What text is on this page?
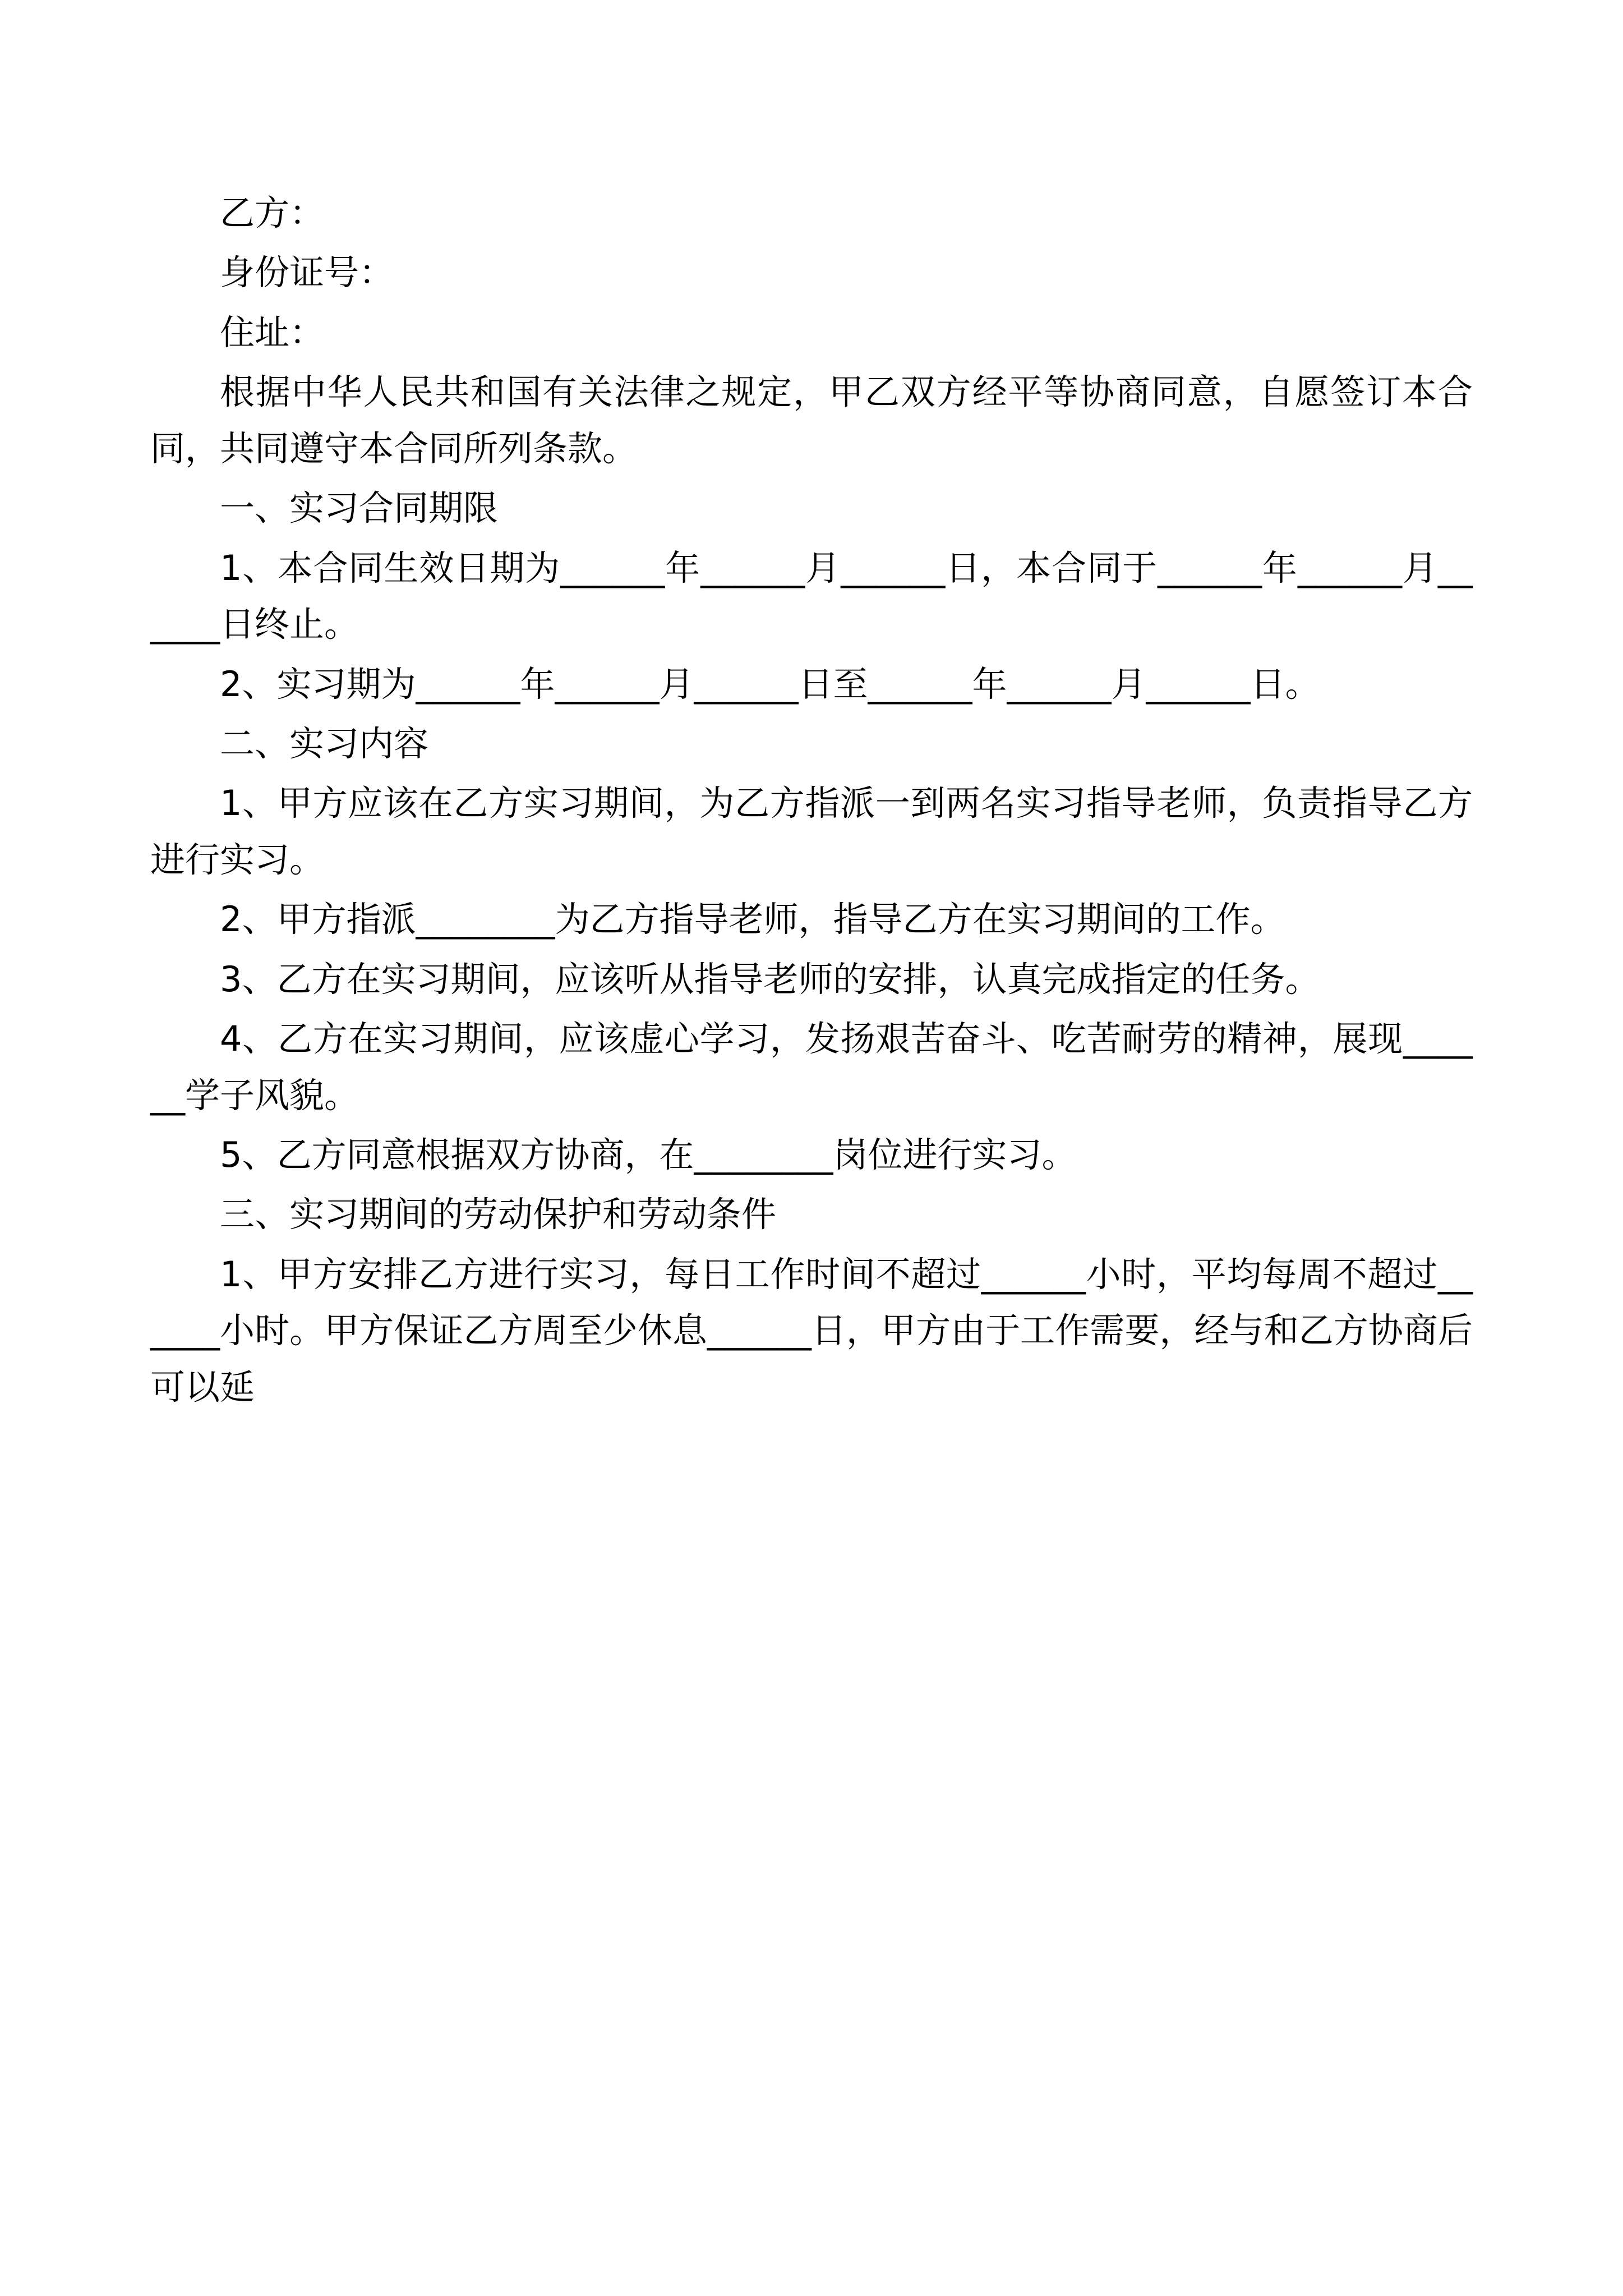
乙方：

身份证号：

住址：

根据中华人民共和国有关法律之规定，甲乙双方经平等协商同意，自愿签订本合同，共同遵守本合同所列条款。

一、实习合同期限

1、本合同生效日期为______年______月______日，本合同于______年______月______日终止。

2、实习期为______年______月______日至______年______月______日。

二、实习内容

1、甲方应该在乙方实习期间，为乙方指派一到两名实习指导老师，负责指导乙方进行实习。

2、甲方指派________为乙方指导老师，指导乙方在实习期间的工作。

3、乙方在实习期间，应该听从指导老师的安排，认真完成指定的任务。

4、乙方在实习期间，应该虚心学习，发扬艰苦奋斗、吃苦耐劳的精神，展现______学子风貌。

5、乙方同意根据双方协商，在________岗位进行实习。

三、实习期间的劳动保护和劳动条件

1、甲方安排乙方进行实习，每日工作时间不超过______小时，平均每周不超过______小时。甲方保证乙方周至少休息______日，甲方由于工作需要，经与和乙方协商后可以延
